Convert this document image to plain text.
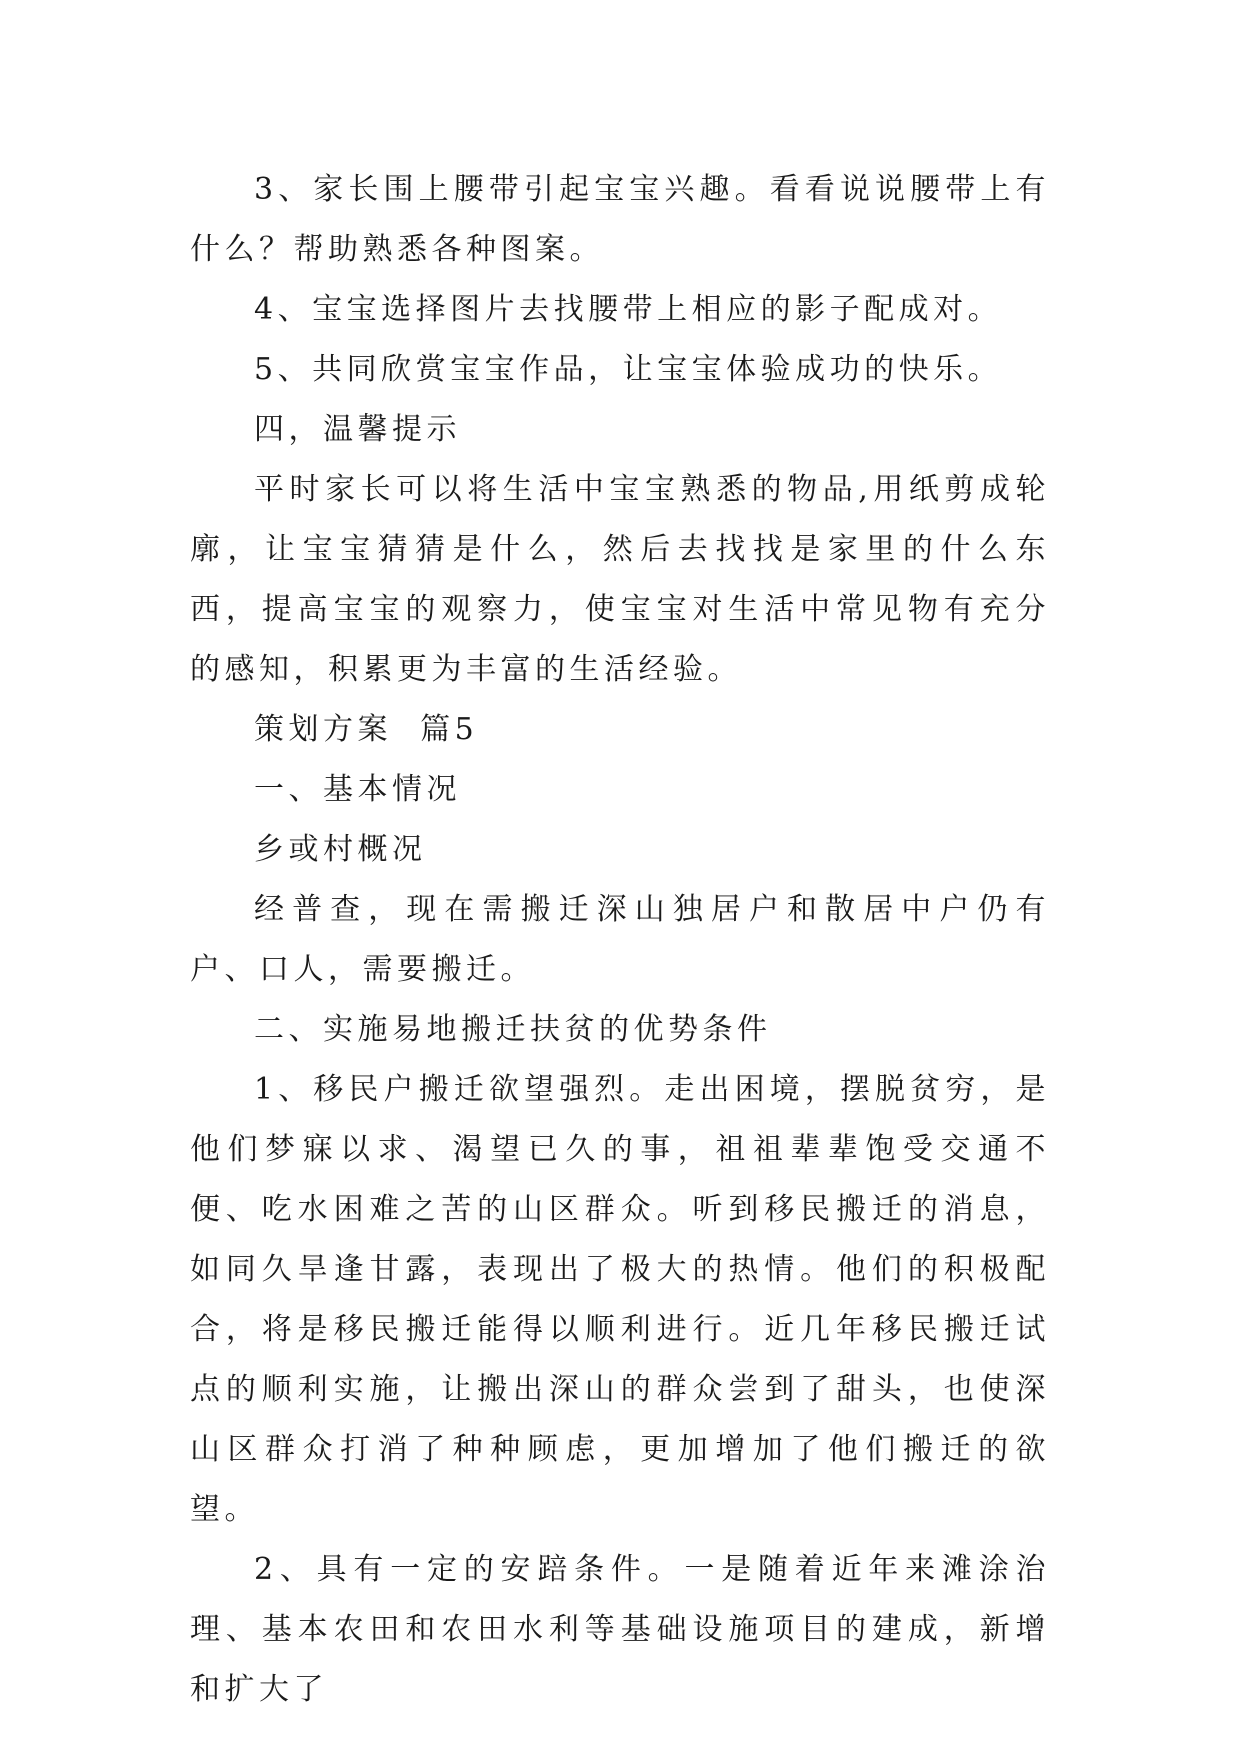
3、家长围上腰带引起宝宝兴趣。看看说说腰带上有什么？帮助熟悉各种图案。

4、宝宝选择图片去找腰带上相应的影子配成对。

5、共同欣赏宝宝作品，让宝宝体验成功的快乐。

四，温馨提示

平时家长可以将生活中宝宝熟悉的物品,用纸剪成轮廓，让宝宝猜猜是什么，然后去找找是家里的什么东西，提高宝宝的观察力，使宝宝对生活中常见物有充分的感知，积累更为丰富的生活经验。

策划方案  篇5

一、基本情况

乡或村概况

经普查，现在需搬迁深山独居户和散居中户仍有 户、口人，需要搬迁。

二、实施易地搬迁扶贫的优势条件

1、移民户搬迁欲望强烈。走出困境，摆脱贫穷，是他们梦寐以求、渴望已久的事，祖祖辈辈饱受交通不便、吃水困难之苦的山区群众。听到移民搬迁的消息，如同久旱逢甘露，表现出了极大的热情。他们的积极配合，将是移民搬迁能得以顺利进行。近几年移民搬迁试点的顺利实施，让搬出深山的群众尝到了甜头，也使深山区群众打消了种种顾虑，更加增加了他们搬迁的欲望。

2、具有一定的安踣条件。一是随着近年来滩涂治理、基本农田和农田水利等基础设施项目的建成，新增和扩大了
